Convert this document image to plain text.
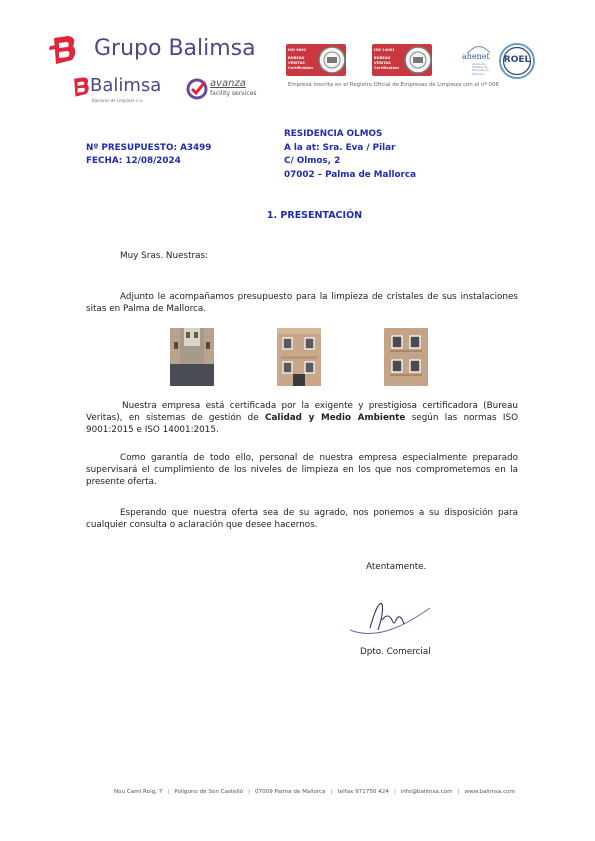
Grupo Balimsa
Balimsa
Baleares de Limpieza s.a.
avanza
facility services
ISO 9001
BUREAU VERITAS
Certification
ISO 14001
BUREAU VERITAS
Certification
ahenet
Asociación Hotelera de Empresas de Servicios
ROEL
Empresa inscrita en el Registro Oficial de Empresas de Limpieza con el nº 006
Nº PRESUPUESTO: A3499
FECHA: 12/08/2024
RESIDENCIA OLMOS
A la at: Sra. Eva / Pilar
C/ Olmos, 2
07002 – Palma de Mallorca
1. PRESENTACIÓN
Muy Sras. Nuestras:
Adjunto le acompañamos presupuesto para la limpieza de cristales de sus instalaciones sitas en Palma de Mallorca.
Nuestra empresa está certificada por la exigente y prestigiosa certificadora (Bureau Veritas), en sistemas de gestión de Calidad y Medio Ambiente según las normas ISO 9001:2015 e ISO 14001:2015.
Como garantía de todo ello, personal de nuestra empresa especialmente preparado supervisará el cumplimiento de los niveles de limpieza en los que nos comprometemos en la presente oferta.
Esperando que nuestra oferta sea de su agrado, nos ponemos a su disposición para cualquier consulta o aclaración que desee hacernos.
Atentamente.
Dpto. Comercial
Nou Camí Roig, 7 | Polígono de Son Castelló | 07009 Palma de Mallorca | telfax 971750 424 | info@balimsa.com | www.balimsa.com
